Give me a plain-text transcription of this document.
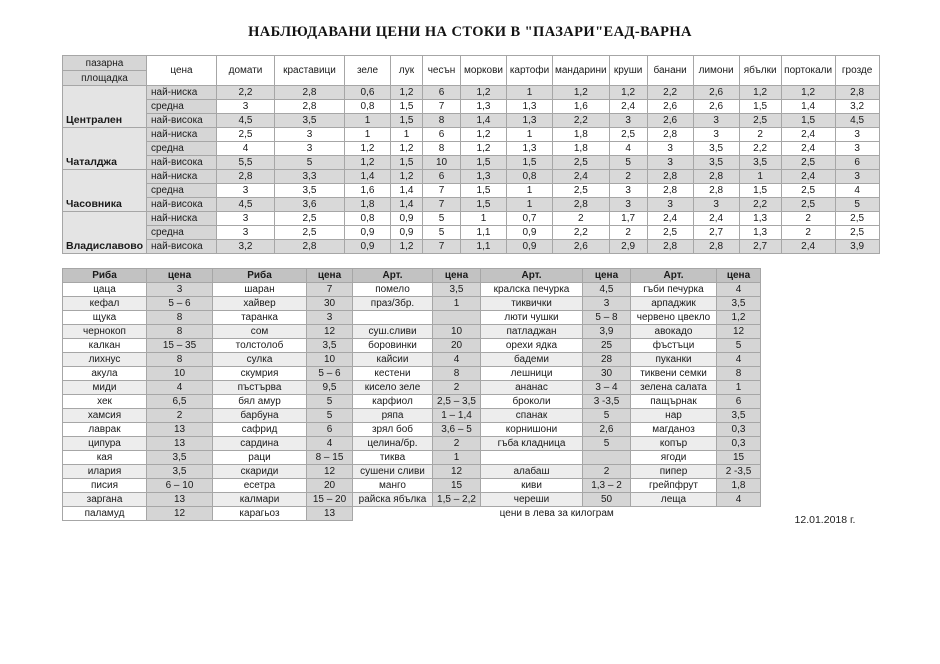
НАБЛЮДАВАНИ ЦЕНИ НА СТОКИ В "ПАЗАРИ"ЕАД-ВАРНА
пазарна	цена	домати	краставици	зеле	лук	чесън	моркови	картофи	мандарини	круши	банани	лимони	ябълки	портокали	грозде
площадка															
Централен	най-ниска	2,2	2,8	0,6	1,2	6	1,2	1	1,2	1,2	2,2	2,6	1,2	1,2	2,8
	средна	3	2,8	0,8	1,5	7	1,3	1,3	1,6	2,4	2,6	2,6	1,5	1,4	3,2
	най-висока	4,5	3,5	1	1,5	8	1,4	1,3	2,2	3	2,6	3	2,5	1,5	4,5
Чаталджа	най-ниска	2,5	3	1	1	6	1,2	1	1,8	2,5	2,8	3	2	2,4	3
	средна	4	3	1,2	1,2	8	1,2	1,3	1,8	4	3	3,5	2,2	2,4	3
	най-висока	5,5	5	1,2	1,5	10	1,5	1,5	2,5	5	3	3,5	3,5	2,5	6
Часовника	най-ниска	2,8	3,3	1,4	1,2	6	1,3	0,8	2,4	2	2,8	2,8	1	2,4	3
	средна	3	3,5	1,6	1,4	7	1,5	1	2,5	3	2,8	2,8	1,5	2,5	4
	най-висока	4,5	3,6	1,8	1,4	7	1,5	1	2,8	3	3	3	2,2	2,5	5
Владиславово	най-ниска	3	2,5	0,8	0,9	5	1	0,7	2	1,7	2,4	2,4	1,3	2	2,5
	средна	3	2,5	0,9	0,9	5	1,1	0,9	2,2	2	2,5	2,7	1,3	2	2,5
	най-висока	3,2	2,8	0,9	1,2	7	1,1	0,9	2,6	2,9	2,8	2,8	2,7	2,4	3,9
Риба	цена	Риба	цена	Арт.	цена	Арт.	цена	Арт.	цена
цаца	3	шаран	7	помело	3,5	кралска печурка	4,5	гъби печурка	4
кефал	5 – 6	хайвер	30	праз/3бр.	1	тиквички	3	арпаджик	3,5
щука	8	таранка	3			люти чушки	5 – 8	червено цвекло	1,2
чернокоп	8	сом	12	суш.сливи	10	патладжан	3,9	авокадо	12
калкан	15 – 35	толстолоб	3,5	боровинки	20	орехи ядка	25	фъстъци	5
лихнус	8	сулка	10	кайсии	4	бадеми	28	пуканки	4
акула	10	скумрия	5 – 6	кестени	8	лешници	30	тиквени семки	8
миди	4	пъстърва	9,5	кисело зеле	2	ананас	3 – 4	зелена салата	1
хек	6,5	бял амур	5	карфиол	2,5 – 3,5	броколи	3 -3,5	пащърнак	6
хамсия	2	барбуна	5	ряпа	1 – 1,4	спанак	5	нар	3,5
лаврак	13	сафрид	6	зрял боб	3,6 – 5	корнишони	2,6	магданоз	0,3
ципура	13	сардина	4	целина/бр.	2	гъба кладница	5	копър	0,3
кая	3,5	раци	8 – 15	тиква	1			ягоди	15
илария	3,5	скариди	12	сушени сливи	12	алабаш	2	пипер	2 -3,5
писия	6 – 10	есетра	20	манго	15	киви	1,3 – 2	грейпфрут	1,8
заргана	13	калмари	15 – 20	райска ябълка	1,5 – 2,2	череши	50	леща	4
паламуд	12	карагьоз	13	цени в лева за килограм					
12.01.2018 г.
